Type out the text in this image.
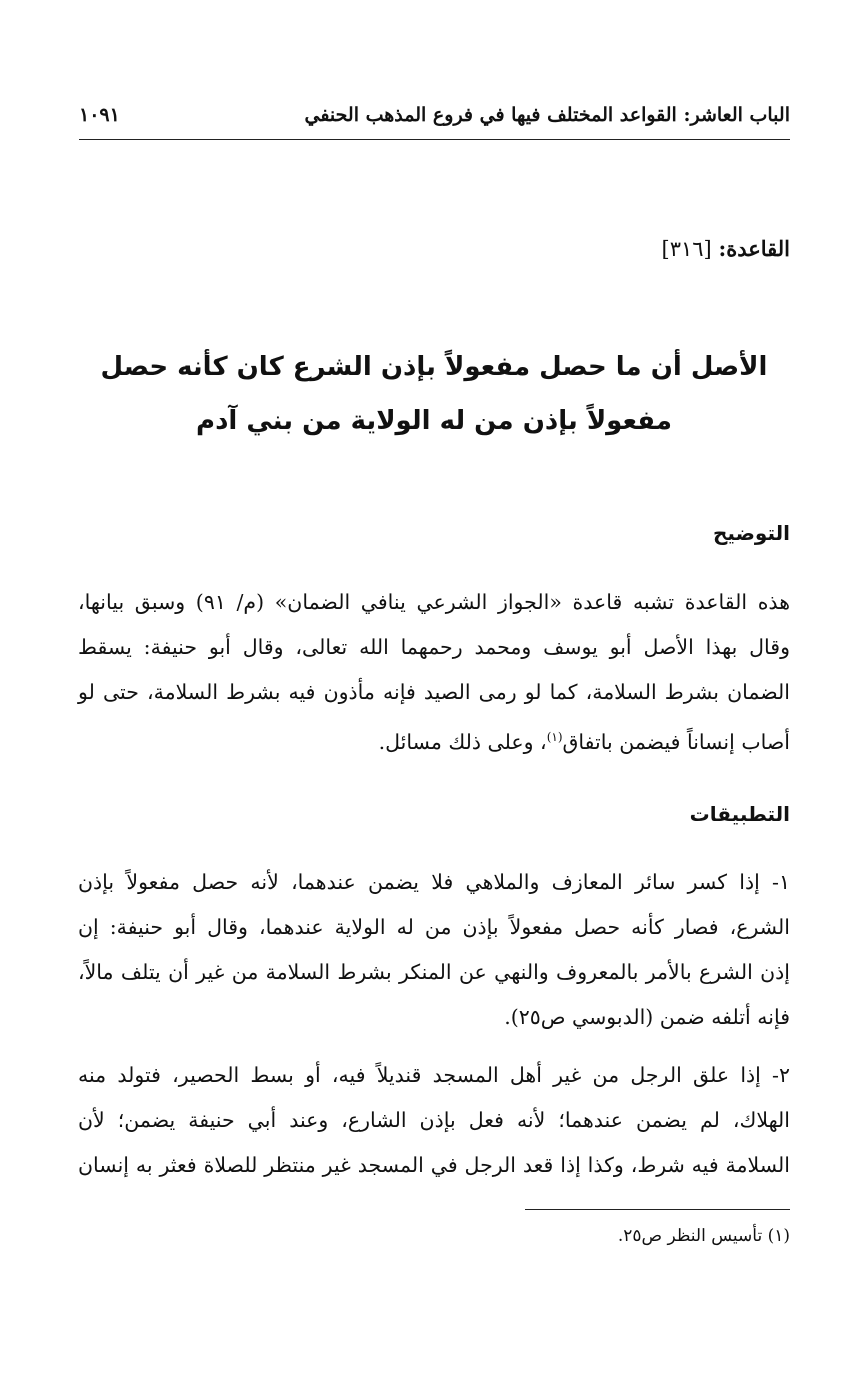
الباب العاشر: القواعد المختلف فيها في فروع المذهب الحنفي
١٠٩١
القاعدة: [٣١٦]
الأصل أن ما حصل مفعولاً بإذن الشرع كان كأنه حصل
مفعولاً بإذن من له الولاية من بني آدم
التوضيح

هذه القاعدة تشبه قاعدة «الجواز الشرعي ينافي الضمان» (م/ ٩١) وسبق بيانها،
وقال بهذا الأصل أبو يوسف ومحمد رحمهما الله تعالى، وقال أبو حنيفة: يسقط
الضمان بشرط السلامة، كما لو رمى الصيد فإنه مأذون فيه بشرط السلامة، حتى لو
أصاب إنساناً فيضمن باتفاق$^{(١)}$، وعلى ذلك مسائل.

التطبيقات

١- إذا كسر سائر المعازف والملاهي فلا يضمن عندهما، لأنه حصل مفعولاً بإذن
الشرع، فصار كأنه حصل مفعولاً بإذن من له الولاية عندهما، وقال أبو حنيفة: إن
إذن الشرع بالأمر بالمعروف والنهي عن المنكر بشرط السلامة من غير أن يتلف مالاً،
فإنه أتلفه ضمن (الدبوسي ص٢٥).

٢- إذا علق الرجل من غير أهل المسجد قنديلاً فيه، أو بسط الحصير، فتولد منه
الهلاك، لم يضمن عندهما؛ لأنه فعل بإذن الشارع، وعند أبي حنيفة يضمن؛ لأن
السلامة فيه شرط، وكذا إذا قعد الرجل في المسجد غير منتظر للصلاة فعثر به إنسان

(١) تأسيس النظر ص٢٥.
